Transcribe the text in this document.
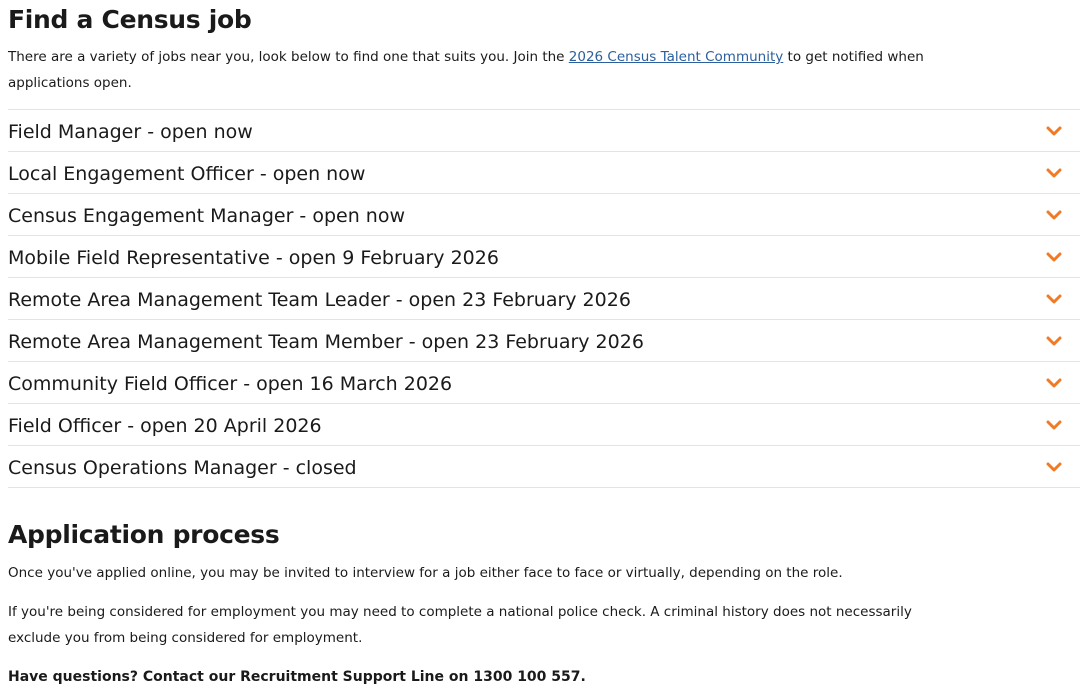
Find a Census job

There are a variety of jobs near you, look below to find one that suits you. Join the 2026 Census Talent Community to get notified when applications open.

Field Manager - open now
Local Engagement Officer - open now
Census Engagement Manager - open now
Mobile Field Representative - open 9 February 2026
Remote Area Management Team Leader - open 23 February 2026
Remote Area Management Team Member - open 23 February 2026
Community Field Officer - open 16 March 2026
Field Officer - open 20 April 2026
Census Operations Manager - closed
Application process

Once you've applied online, you may be invited to interview for a job either face to face or virtually, depending on the role.

If you're being considered for employment you may need to complete a national police check. A criminal history does not necessarily exclude you from being considered for employment.

Have questions? Contact our Recruitment Support Line on 1300 100 557.
